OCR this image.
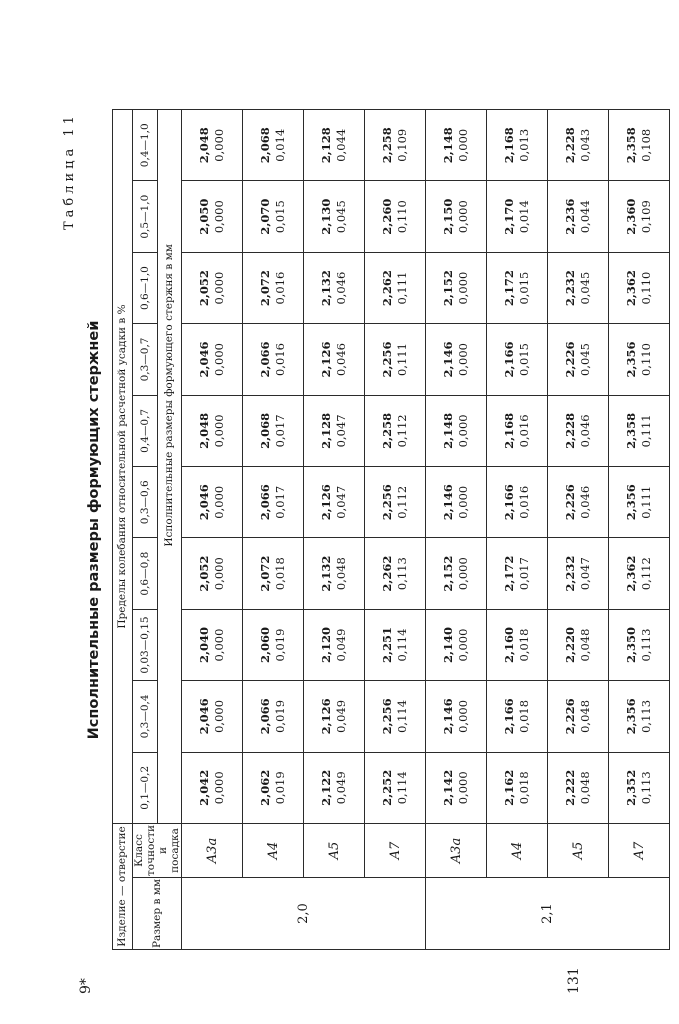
9*	131
Таблица 11
Исполнительные размеры формующих стержней
Изделие — отверстие		Пределы колебания относительной расчетной усадки в %									
Размер в мм	Класс точности и посадка	0,1—0,2	0,3—0,4	0,03—0,15	0,6—0,8	0,3—0,6	0,4—0,7	0,3—0,7	0,6—1,0	0,5—1,0	0,4—1,0
				Исполнительные размеры формующего стержня в мм							
2,0	A3a	2,042 0,000	2,046 0,000	2,040 0,000	2,052 0,000	2,046 0,000	2,048 0,000	2,046 0,000	2,052 0,000	2,050 0,000	2,048 0,000

	A4	2,062 0,019	2,066 0,019	2,060 0,019	2,072 0,018	2,066 0,017	2,068 0,017	2,066 0,016	2,072 0,016	2,070 0,015	2,068 0,014

	A5	2,122 0,049	2,126 0,049	2,120 0,049	2,132 0,048	2,126 0,047	2,128 0,047	2,126 0,046	2,132 0,046	2,130 0,045	2,128 0,044

	A7	2,252 0,114	2,256 0,114	2,251 0,114	2,262 0,113	2,256 0,112	2,258 0,112	2,256 0,111	2,262 0,111	2,260 0,110	2,258 0,109

2,1	A3a	2,142 0,000	2,146 0,000	2,140 0,000	2,152 0,000	2,146 0,000	2,148 0,000	2,146 0,000	2,152 0,000	2,150 0,000	2,148 0,000

	A4	2,162 0,018	2,166 0,018	2,160 0,018	2,172 0,017	2,166 0,016	2,168 0,016	2,166 0,015	2,172 0,015	2,170 0,014	2,168 0,013

	A5	2,222 0,048	2,226 0,048	2,220 0,048	2,232 0,047	2,226 0,046	2,228 0,046	2,226 0,045	2,232 0,045	2,236 0,044	2,228 0,043

	A7	2,352 0,113	2,356 0,113	2,350 0,113	2,362 0,112	2,356 0,111	2,358 0,111	2,356 0,110	2,362 0,110	2,360 0,109	2,358 0,108
